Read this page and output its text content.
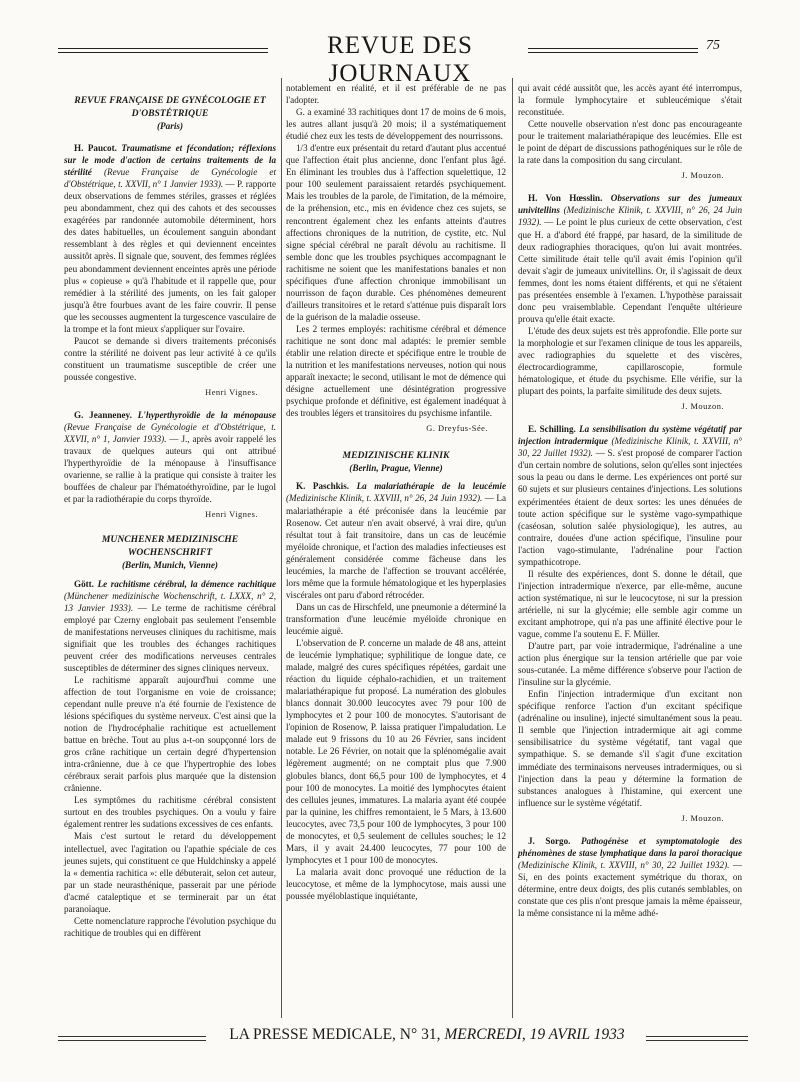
REVUE DES JOURNAUX
75
REVUE FRANÇAISE DE GYNÉCOLOGIE ET D'OBSTÉTRIQUE
(Paris)

H. Paucot. Traumatisme et fécondation; réflexions sur le mode d'action de certains traitements de la stérilité (Revue Française de Gynécologie et d'Obstétrique, t. XXVII, n° 1 Janvier 1933). — P. rapporte deux observations de femmes stériles, grasses et réglées peu abondamment, chez qui des cahots et des secousses exagérées par randonnée automobile déterminent, hors des dates habituelles, un écoulement sanguin abondant ressemblant à des règles et qui deviennent enceintes aussitôt après. Il signale que, souvent, des femmes réglées peu abondamment deviennent enceintes après une période plus « copieuse » qu'à l'habitude et il rappelle que, pour remédier à la stérilité des juments, on les fait galoper jusqu'à être fourbues avant de les faire couvrir. Il pense que les secousses augmentent la turgescence vasculaire de la trompe et la font mieux s'appliquer sur l'ovaire.

Paucot se demande si divers traitements préconisés contre la stérilité ne doivent pas leur activité à ce qu'ils constituent un traumatisme susceptible de créer une poussée congestive.

Henri Vignes.

G. Jeanneney. L'hyperthyroïdie de la ménopause (Revue Française de Gynécologie et d'Obstétrique, t. XXVII, n° 1, Janvier 1933). — J., après avoir rappelé les travaux de quelques auteurs qui ont attribué l'hyperthyroïdie de la ménopause à l'insuffisance ovarienne, se rallie à la pratique qui consiste à traiter les bouffées de chaleur par l'hématoéthyroïdine, par le lugol et par la radiothérapie du corps thyroïde.

Henri Vignes.
MUNCHENER MEDIZINISCHE WOCHENSCHRIFT
(Berlin, Munich, Vienne)

Gött. Le rachitisme cérébral, la démence rachitique (Münchener medizinische Wochenschrift, t. LXXX, n° 2, 13 Janvier 1933). — Le terme de rachitisme cérébral employé par Czerny englobait pas seulement l'ensemble de manifestations nerveuses cliniques du rachitisme, mais signifiait que les troubles des échanges rachitiques peuvent créer des modifications nerveuses centrales susceptibles de déterminer des signes cliniques nerveux.

Le rachitisme apparaît aujourd'hui comme une affection de tout l'organisme en voie de croissance; cependant nulle preuve n'a été fournie de l'existence de lésions spécifiques du système nerveux. C'est ainsi que la notion de l'hydrocéphalie rachitique est actuellement battue en brèche. Tout au plus a-t-on soupçonné lors de gros crâne rachitique un certain degré d'hypertension intra-crânienne, due à ce que l'hypertrophie des lobes cérébraux serait parfois plus marquée que la distension crânienne.

Les symptômes du rachitisme cérébral consistent surtout en des troubles psychiques. On a voulu y faire également rentrer les sudations excessives de ces enfants.

Mais c'est surtout le retard du développement intellectuel, avec l'agitation ou l'apathie spéciale de ces jeunes sujets, qui constituent ce que Huldchinsky a appelé la « dementia rachitica »: elle débuterait, selon cet auteur, par un stade neurasthénique, passerait par une période d'acmé cataleptique et se terminerait par un état paranoïaque.

Cette nomenclature rapproche l'évolution psychique du rachitique de troubles qui en diffèrent

notablement en réalité, et il est préférable de ne pas l'adopter.

G. a examiné 33 rachitiques dont 17 de moins de 6 mois, les autres allant jusqu'à 20 mois; il a systématiquement étudié chez eux les tests de développement des nourrissons.

1/3 d'entre eux présentait du retard d'autant plus accentué que l'affection était plus ancienne, donc l'enfant plus âgé. En éliminant les troubles dus à l'affection squelettique, 12 pour 100 seulement paraissaient retardés psychiquement. Mais les troubles de la parole, de l'imitation, de la mémoire, de la préhension, etc., mis en évidence chez ces sujets, se rencontrent également chez les enfants atteints d'autres affections chroniques de la nutrition, de cystite, etc. Nul signe spécial cérébral ne paraît dévolu au rachitisme. Il semble donc que les troubles psychiques accompagnant le rachitisme ne soient que les manifestations banales et non spécifiques d'une affection chronique immobilisant un nourrisson de façon durable. Ces phénomènes demeurent d'ailleurs transitoires et le retard s'atténue puis disparaît lors de la guérison de la maladie osseuse.

Les 2 termes employés: rachitisme cérébral et démence rachitique ne sont donc mal adaptés: le premier semble établir une relation directe et spécifique entre le trouble de la nutrition et les manifestations nerveuses, notion qui nous apparaît inexacte; le second, utilisant le mot de démence qui désigne actuellement une désintégration progressive psychique profonde et définitive, est également inadéquat à des troubles légers et transitoires du psychisme infantile.

G. Dreyfus-Sée.
MEDIZINISCHE KLINIK
(Berlin, Prague, Vienne)

K. Paschkis. La malariathérapie de la leucémie (Medizinische Klinik, t. XXVIII, n° 26, 24 Juin 1932). — La malariathérapie a été préconisée dans la leucémie par Rosenow. Cet auteur n'en avait observé, à vrai dire, qu'un résultat tout à fait transitoire, dans un cas de leucémie myéloïde chronique, et l'action des maladies infectieuses est généralement considérée comme fâcheuse dans les leucémies, la marche de l'affection se trouvant accélérée, lors même que la formule hématologique et les hyperplasies viscérales ont paru d'abord rétrocéder.

Dans un cas de Hirschfeld, une pneumonie a déterminé la transformation d'une leucémie myéloïde chronique en leucémie aiguë.

L'observation de P. concerne un malade de 48 ans, atteint de leucémie lymphatique; syphilitique de longue date, ce malade, malgré des cures spécifiques répétées, gardait une réaction du liquide céphalo-rachidien, et un traitement malariathérapique fut proposé. La numération des globules blancs donnait 30.000 leucocytes avec 79 pour 100 de lymphocytes et 2 pour 100 de monocytes. S'autorisant de l'opinion de Rosenow, P. laissa pratiquer l'impaludation. Le malade eut 9 frissons du 10 au 26 Février, sans incident notable. Le 26 Février, on notait que la splénomégalie avait légèrement augmenté; on ne comptait plus que 7.900 globules blancs, dont 66,5 pour 100 de lymphocytes, et 4 pour 100 de monocytes. La moitié des lymphocytes étaient des cellules jeunes, immatures. La malaria ayant été coupée par la quinine, les chiffres remontaient, le 5 Mars, à 13.600 leucocytes, avec 73,5 pour 100 de lymphocytes, 3 pour 100 de monocytes, et 0,5 seulement de cellules souches; le 12 Mars, il y avait 24.400 leucocytes, 77 pour 100 de lymphocytes et 1 pour 100 de monocytes.

La malaria avait donc provoqué une réduction de la leucocytose, et même de la lymphocytose, mais aussi une poussée myéloblastique inquiétante,

qui avait cédé aussitôt que, les accès ayant été interrompus, la formule lymphocytaire et subleucémique s'était reconstituée.

Cette nouvelle observation n'est donc pas encourageante pour le traitement malariathérapique des leucémies. Elle est le point de départ de discussions pathogéniques sur le rôle de la rate dans la composition du sang circulant.

J. Mouzon.

H. Von Hœsslin. Observations sur des jumeaux univitellins (Medizinische Klinik, t. XXVIII, n° 26, 24 Juin 1932). — Le point le plus curieux de cette observation, c'est que H. a d'abord été frappé, par hasard, de la similitude de deux radiographies thoraciques, qu'on lui avait montrées. Cette similitude était telle qu'il avait émis l'opinion qu'il devait s'agir de jumeaux univitellins. Or, il s'agissait de deux femmes, dont les noms étaient différents, et qui ne s'étaient pas présentées ensemble à l'examen. L'hypothèse paraissait donc peu vraisemblable. Cependant l'enquête ultérieure prouva qu'elle était exacte.

L'étude des deux sujets est très approfondie. Elle porte sur la morphologie et sur l'examen clinique de tous les appareils, avec radiographies du squelette et des viscères, électrocardiogramme, capillaroscopie, formule hématologique, et étude du psychisme. Elle vérifie, sur la plupart des points, la parfaite similitude des deux sujets.

J. Mouzon.

E. Schilling. La sensibilisation du système végétatif par injection intradermique (Medizinische Klinik, t. XXVIII, n° 30, 22 Juillet 1932). — S. s'est proposé de comparer l'action d'un certain nombre de solutions, selon qu'elles sont injectées sous la peau ou dans le derme. Les expériences ont porté sur 60 sujets et sur plusieurs centaines d'injections. Les solutions expérimentées étaient de deux sortes: les unes dénuées de toute action spécifique sur le système vago-sympathique (caséosan, solution salée physiologique), les autres, au contraire, douées d'une action spécifique, l'insuline pour l'action vago-stimulante, l'adrénaline pour l'action sympathicotrope.

Il résulte des expériences, dont S. donne le détail, que l'injection intradermique n'exerce, par elle-même, aucune action systématique, ni sur le leucocytose, ni sur la pression artérielle, ni sur la glycémie; elle semble agir comme un excitant amphotrope, qui n'a pas une affinité élective pour le vague, comme l'a soutenu E. F. Müller.

D'autre part, par voie intradermique, l'adrénaline a une action plus énergique sur la tension artérielle que par voie sous-cutanée. La même différence s'observe pour l'action de l'insuline sur la glycémie.

Enfin l'injection intradermique d'un excitant non spécifique renforce l'action d'un excitant spécifique (adrénaline ou insuline), injecté simultanément sous la peau. Il semble que l'injection intradermique ait agi comme sensibilisatrice du système végétatif, tant vagal que sympathique. S. se demande s'il s'agit d'une excitation immédiate des terminaisons nerveuses intradermiques, ou si l'injection dans la peau y détermine la formation de substances analogues à l'histamine, qui exercent une influence sur le système végétatif.

J. Mouzon.

J. Sorgo. Pathogénèse et symptomatologie des phénomènes de stase lymphatique dans la paroi thoracique (Medizinische Klinik, t. XXVIII, n° 30, 22 Juillet 1932). — Si, en des points exactement symétrique du thorax, on détermine, entre deux doigts, des plis cutanés semblables, on constate que ces plis n'ont presque jamais la même épaisseur, la même consistance ni la même adhé-

LA PRESSE MEDICALE, N° 31, MERCREDI, 19 AVRIL 1933
